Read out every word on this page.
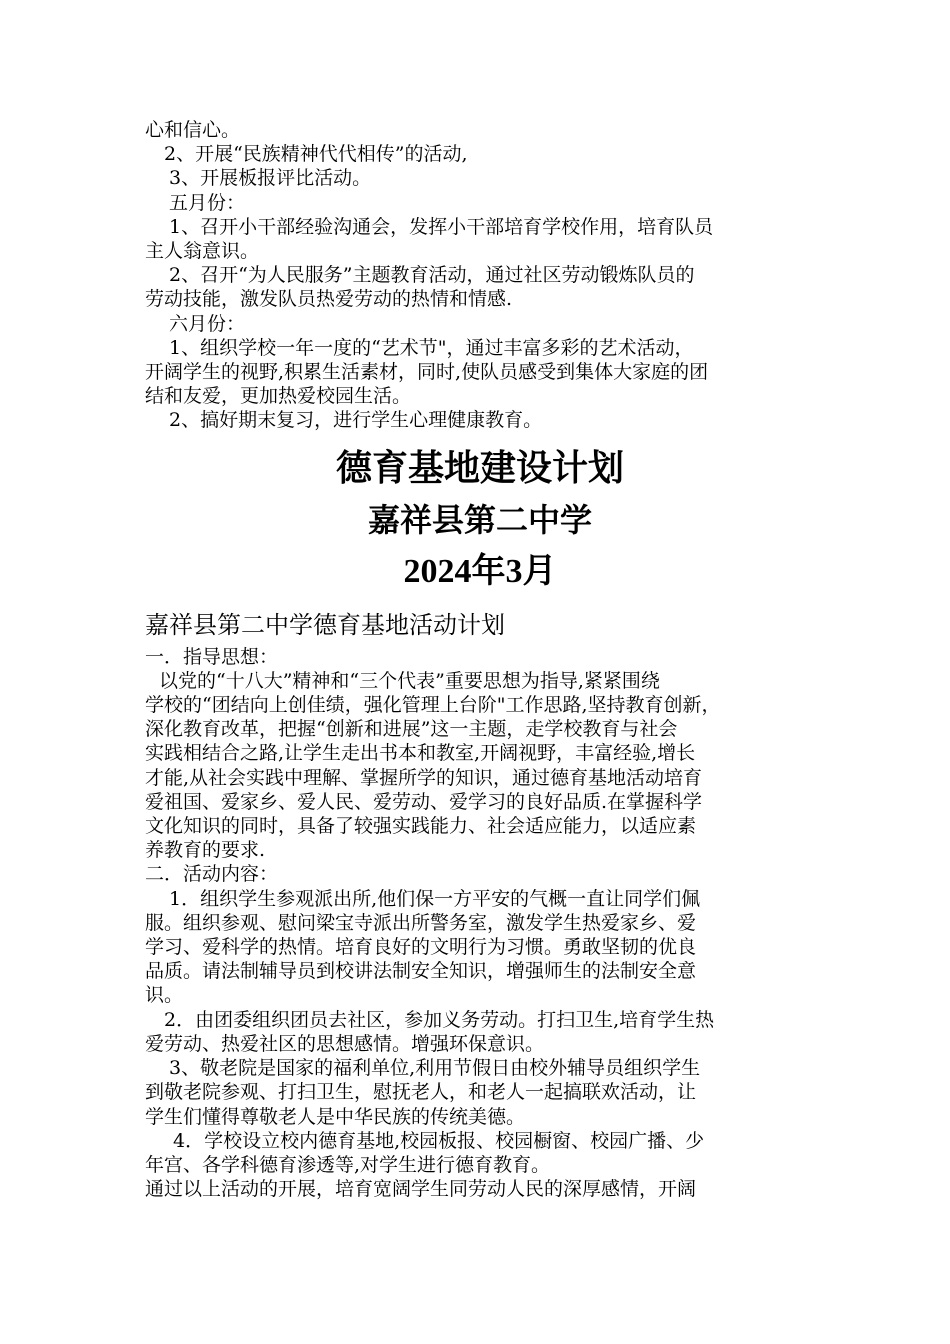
心和信心。

2、开展“民族精神代代相传”的活动,

3、开展板报评比活动。

五月份：

1、召开小干部经验沟通会，发挥小干部培育学校作用，培育队员

主人翁意识。

2、召开“为人民服务”主题教育活动，通过社区劳动锻炼队员的

劳动技能，激发队员热爱劳动的热情和情感.

六月份：

1、组织学校一年一度的“艺术节"，通过丰富多彩的艺术活动，

开阔学生的视野,积累生活素材，同时,使队员感受到集体大家庭的团

结和友爱，更加热爱校园生活。

2、搞好期末复习，进行学生心理健康教育。

德育基地建设计划

嘉祥县第二中学

2024年3月

嘉祥县第二中学德育基地活动计划

一．指导思想：

以党的“十八大”精神和“三个代表”重要思想为指导,紧紧围绕

学校的“团结向上创佳绩，强化管理上台阶"工作思路,坚持教育创新，

深化教育改革，把握“创新和进展”这一主题，走学校教育与社会

实践相结合之路,让学生走出书本和教室,开阔视野，丰富经验,增长

才能,从社会实践中理解、掌握所学的知识，通过德育基地活动培育

爱祖国、爱家乡、爱人民、爱劳动、爱学习的良好品质.在掌握科学

文化知识的同时，具备了较强实践能力、社会适应能力，以适应素

养教育的要求.

二．活动内容：

1．组织学生参观派出所,他们保一方平安的气概一直让同学们佩

服。组织参观、慰问梁宝寺派出所警务室，激发学生热爱家乡、爱

学习、爱科学的热情。培育良好的文明行为习惯。勇敢坚韧的优良

品质。请法制辅导员到校讲法制安全知识，增强师生的法制安全意

识。

2．由团委组织团员去社区，参加义务劳动。打扫卫生,培育学生热

爱劳动、热爱社区的思想感情。增强环保意识。

3、敬老院是国家的福利单位,利用节假日由校外辅导员组织学生

到敬老院参观、打扫卫生，慰抚老人，和老人一起搞联欢活动，让

学生们懂得尊敬老人是中华民族的传统美德。

4．学校设立校内德育基地,校园板报、校园橱窗、校园广播、少

年宫、各学科德育渗透等,对学生进行德育教育。

通过以上活动的开展，培育宽阔学生同劳动人民的深厚感情，开阔
